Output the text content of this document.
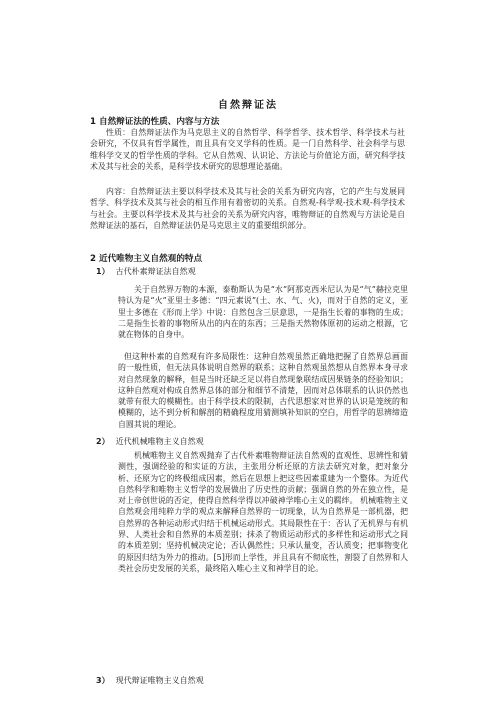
自然辩证法
1 自然辩证法的性质、内容与方法

性质：自然辩证法作为马克思主义的自然哲学、科学哲学、技术哲学、科学技术与社会研究，不仅具有哲学属性，而且具有交叉学科的性质。是一门自然科学、社会科学与思维科学交叉的哲学性质的学科。它从自然观、认识论、方法论与价值论方面，研究科学技术及其与社会的关系，是科学技术研究的思想理论基础。

内容：自然辩证法主要以科学技术及其与社会的关系为研究内容，它的产生与发展同哲学、科学技术及其与社会的相互作用有着密切的关系。自然观-科学观-技术观-科学技术与社会。主要以科学技术及其与社会的关系为研究内容，唯物辩证的自然观与方法论是自然辩证法的基石，自然辩证法仍是马克思主义的重要组织部分。

2 近代唯物主义自然观的特点
1） 古代朴素辩证法自然观

关于自然界万物的本源，泰勒斯认为是“水”阿那克西米尼认为是“气”赫拉克里特认为是“火”亚里士多德：“四元素说”(土、水、气、火)，而对于自然的定义，亚里士多德在《形而上学》中说：自然包含三层意思，一是指生长着的事物的生成；二是指生长着的事物所从出的内在的东西；三是指天然物体原初的运动之根源，它就在物体的自身中。

但这种朴素的自然观有许多局限性：这种自然观虽然正确地把握了自然界总画面的一般性质，但无法具体说明自然界的联系；这种自然观虽然想从自然界本身寻求对自然现象的解释，但是当时还缺乏足以将自然现象联结成因果链条的经验知识；这种自然观对构成自然界总体的部分和细节不清楚，因而对总体联系的认识仍然也就带有很大的模糊性。由于科学技术的限制，古代思想家对世界的认识是笼统的和模糊的，达不到分析和解剖的精确程度用猜测填补知识的空白，用哲学的思辨缔造自圆其说的理论。

2） 近代机械唯物主义自然观

机械唯物主义自然观抛弃了古代朴素唯物辩证法自然观的直观性、思辨性和猜测性，强调经验的和实证的方法，主张用分析还原的方法去研究对象，把对象分析、还原为它的终极组成因素，然后在思想上把这些因素重建为一个整体。为近代自然科学和唯物主义哲学的发展做出了历史性的贡献；强调自然的外在独立性，是对上帝创世说的否定，使得自然科学得以冲破神学唯心主义的羁绊。 机械唯物主义自然观会用纯粹力学的观点来解释自然界的一切现象，认为自然界是一部机器，把自然界的各种运动形式归结于机械运动形式。其局限性在于：否认了无机界与有机界、人类社会和自然界的本质差别；抹杀了物质运动形式的多样性和运动形式之间的本质差别；坚持机械决定论；否认偶然性；只承认量变，否认质变；把事物变化的原因归结为外力的推动。[5]形而上学性，并且具有不彻底性，割裂了自然界和人类社会历史发展的关系，最终陷入唯心主义和神学目的论。

3） 现代辩证唯物主义自然观
